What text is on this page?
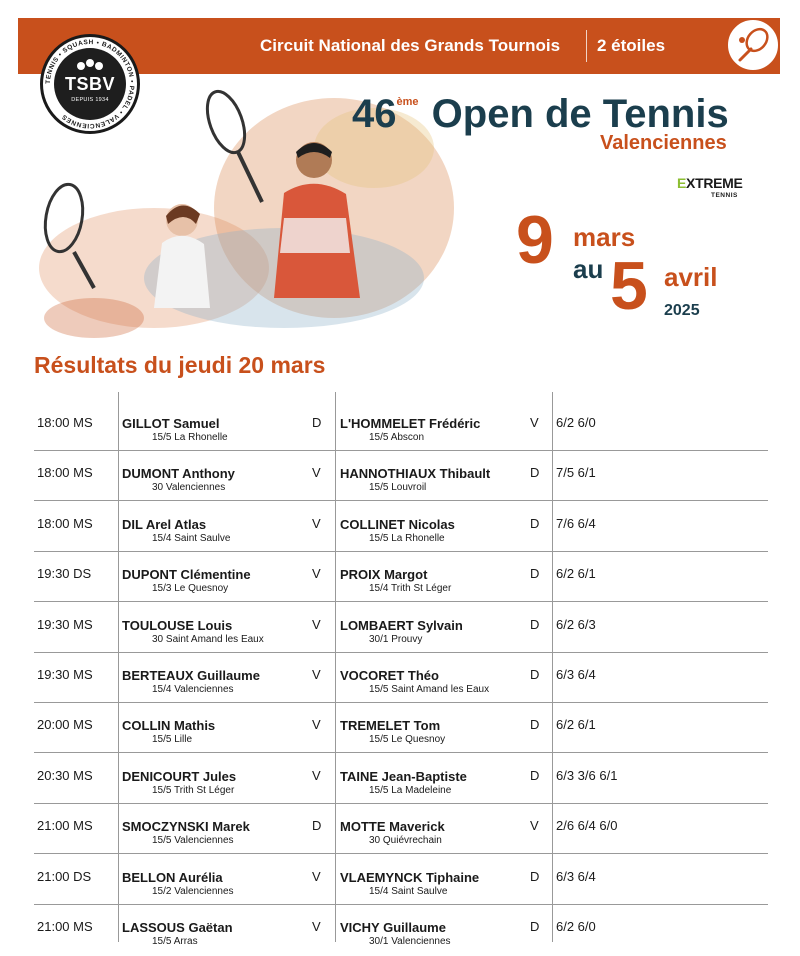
Circuit National des Grands Tournois 2 étoiles
TENNIS • SQUASH • BADMINTON • PADEL • VALENCIENNES
TSBV
DEPUIS 1934	46ème Open de Tennis
Valenciennes
EXTREME
TENNIS
9 mars
au 5 avril
2025
Résultats du jeudi 20 mars
18:00 MS GILLOT Samuel
15/5 La Rhonelle
D L'HOMMELET Frédéric
15/5 Abscon
V 6/2 6/0
18:00 MS DUMONT Anthony
30 Valenciennes
V HANNOTHIAUX Thibault
15/5 Louvroil
D 7/5 6/1
18:00 MS DIL Arel Atlas
15/4 Saint Saulve
V COLLINET Nicolas
15/5 La Rhonelle
D 7/6 6/4
19:30 DS DUPONT Clémentine
15/3 Le Quesnoy
V PROIX Margot
15/4 Trith St Léger
D 6/2 6/1
19:30 MS TOULOUSE Louis
30 Saint Amand les Eaux
V LOMBAERT Sylvain
30/1 Prouvy
D 6/2 6/3
19:30 MS BERTEAUX Guillaume
15/4 Valenciennes
V VOCORET Théo
15/5 Saint Amand les Eaux
D 6/3 6/4
20:00 MS COLLIN Mathis
15/5 Lille
V TREMELET Tom
15/5 Le Quesnoy
D 6/2 6/1
20:30 MS DENICOURT Jules
15/5 Trith St Léger
V TAINE Jean-Baptiste
15/5 La Madeleine
D 6/3 3/6 6/1
21:00 MS SMOCZYNSKI Marek
15/5 Valenciennes
D MOTTE Maverick
30 Quiévrechain
V 2/6 6/4 6/0
21:00 DS BELLON Aurélia
15/2 Valenciennes
V VLAEMYNCK Tiphaine
15/4 Saint Saulve
D 6/3 6/4
21:00 MS LASSOUS Gaëtan
15/5 Arras
V VICHY Guillaume
30/1 Valenciennes
D 6/2 6/0
